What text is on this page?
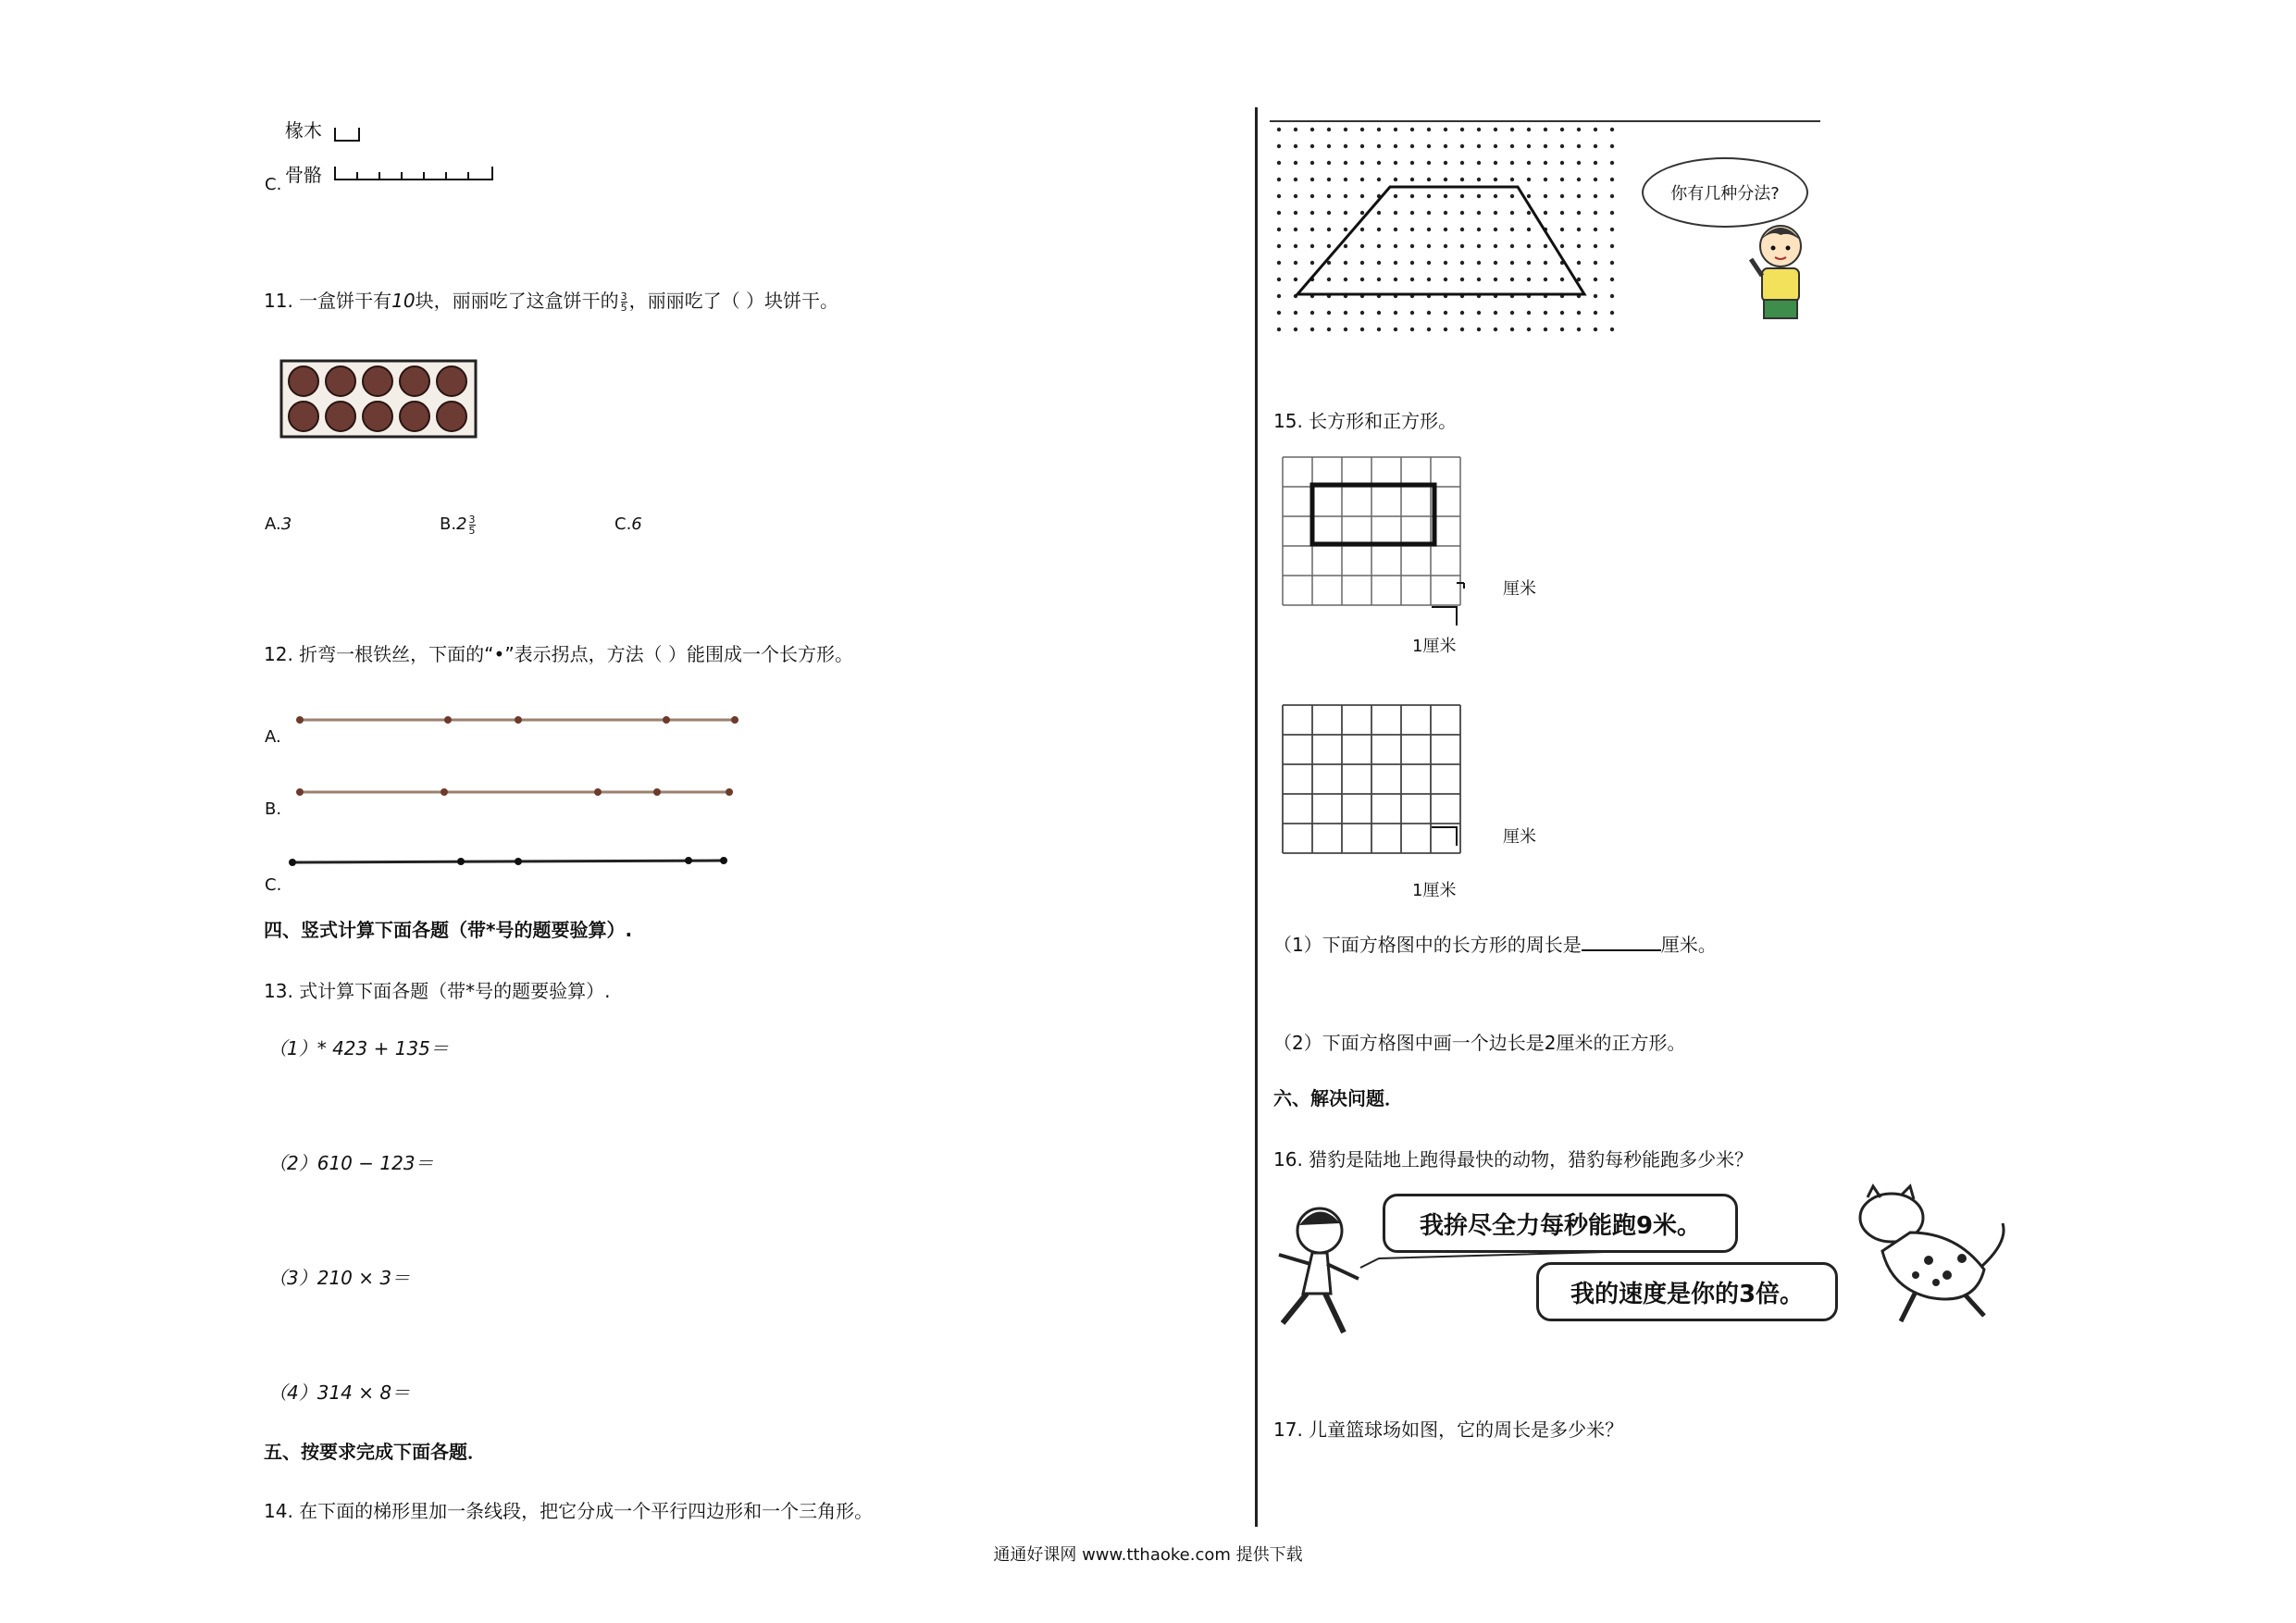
椽木
C. 骨骼
11. 一盒饼干有10块，丽丽吃了这盒饼干的 $\frac{3}{5}$ ，丽丽吃了（ ）块饼干。
A.3	$B.2 \frac{3}{5}$	C.6
12. 折弯一根铁丝，下面的“•”表示拐点，方法（ ）能围成一个长方形。
A.
B.
C.
四、竖式计算下面各题（带*号的题要验算）.
13. 式计算下面各题（带*号的题要验算）.
（1）* 423 + 135＝
（2）610 − 123＝
（3）210 × 3＝
（4）314 × 8＝
五、按要求完成下面各题．
14. 在下面的梯形里加一条线段，把它分成一个平行四边形和一个三角形。
你有几种分法?
15. 长方形和正方形。
厘米
1厘米
厘米
1厘米
（1）下面方格图中的长方形的周长是	厘米。
（2）下面方格图中画一个边长是2厘米的正方形。
六、解决问题．
16. 猎豹是陆地上跑得最快的动物，猎豹每秒能跑多少米？
我拚尽全力每秒能跑9米。
我的速度是你的3倍。
17. 儿童篮球场如图，它的周长是多少米？
通通好课网 www.tthaoke.com 提供下载
